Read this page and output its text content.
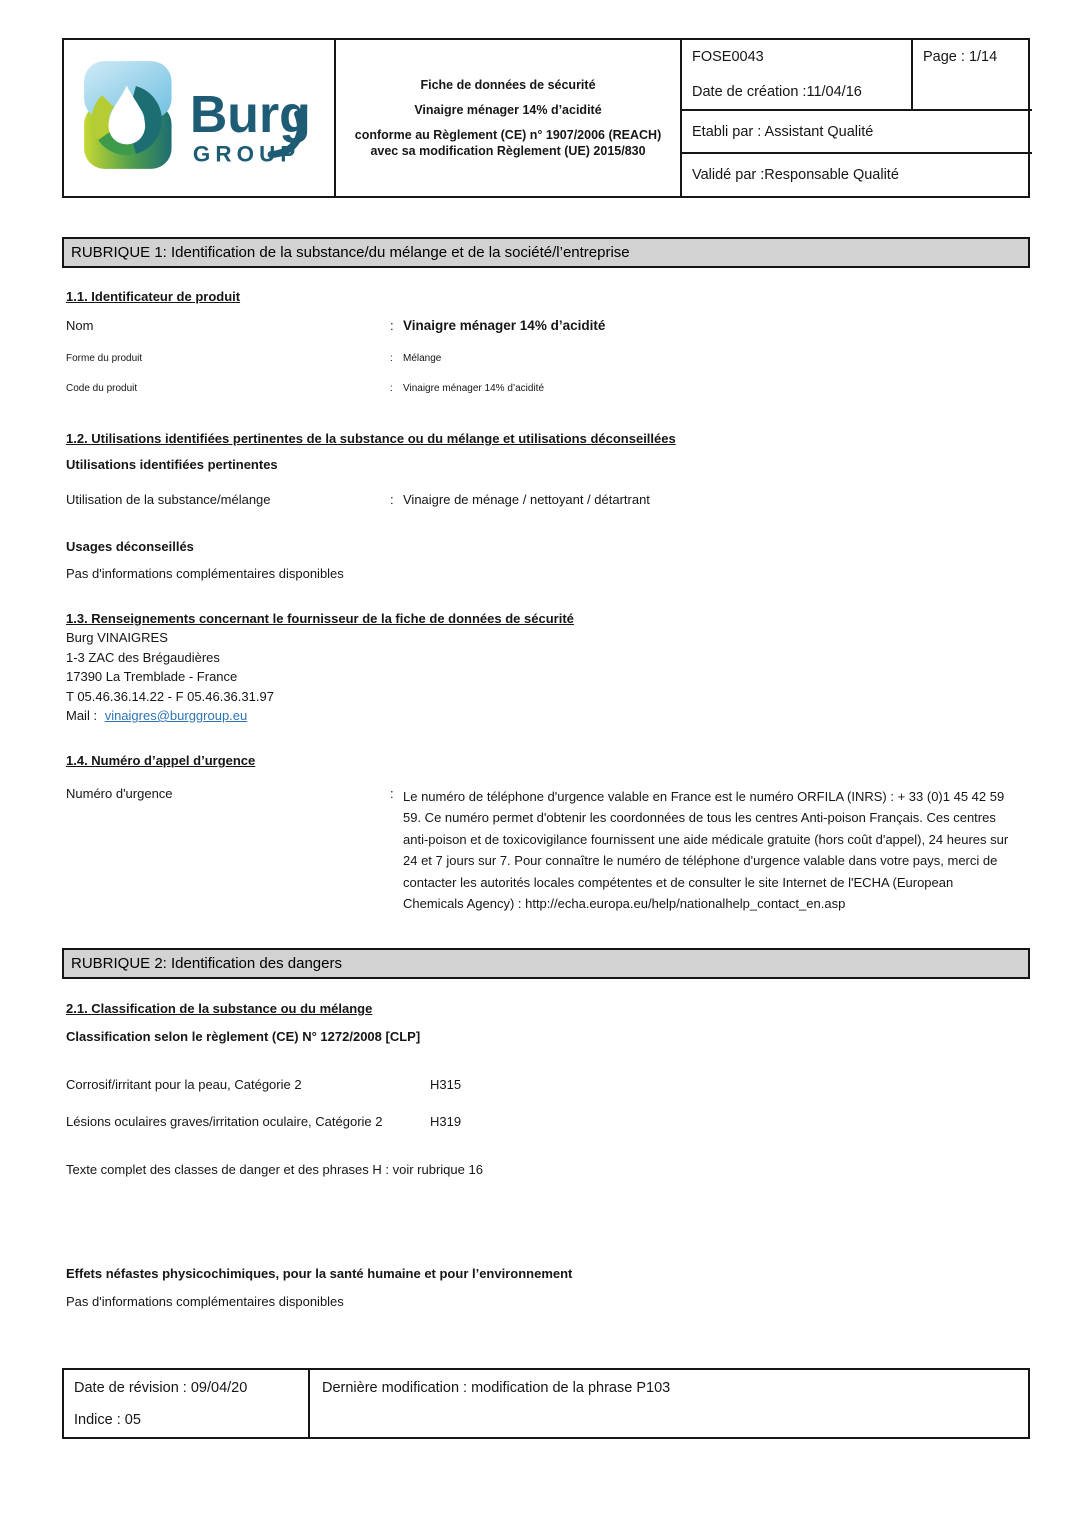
Burg
GROUP
Fiche de données de sécurité
Vinaigre ménager 14% d’acidité
conforme au Règlement (CE) n° 1907/2006 (REACH) avec sa modification Règlement (UE) 2015/830
FOSE0043
Date de création :11/04/16
Page : 1/14
Etabli par : Assistant Qualité
Validé par :Responsable Qualité
RUBRIQUE 1: Identification de la substance/du mélange et de la société/l’entreprise
1.1. Identificateur de produit
Nom	: Vinaigre ménager 14% d’acidité
Forme du produit	: Mélange
Code du produit	: Vinaigre ménager 14% d’acidité
1.2. Utilisations identifiées pertinentes de la substance ou du mélange et utilisations déconseillées
Utilisations identifiées pertinentes
Utilisation de la substance/mélange	: Vinaigre de ménage / nettoyant / détartrant
Usages déconseillés
Pas d'informations complémentaires disponibles
1.3. Renseignements concernant le fournisseur de la fiche de données de sécurité
Burg VINAIGRES
1-3 ZAC des Brégaudières
17390 La Tremblade - France
T 05.46.36.14.22 - F 05.46.36.31.97
Mail : vinaigres@burggroup.eu
1.4. Numéro d’appel d’urgence
Numéro d'urgence	: Le numéro de téléphone d'urgence valable en France est le numéro ORFILA (INRS) : + 33 (0)1 45 42 59 59. Ce numéro permet d'obtenir les coordonnées de tous les centres Anti-poison Français. Ces centres anti-poison et de toxicovigilance fournissent une aide médicale gratuite (hors coût d'appel), 24 heures sur 24 et 7 jours sur 7. Pour connaître le numéro de téléphone d'urgence valable dans votre pays, merci de contacter les autorités locales compétentes et de consulter le site Internet de l'ECHA (European Chemicals Agency) : http://echa.europa.eu/help/nationalhelp_contact_en.asp
RUBRIQUE 2: Identification des dangers
2.1. Classification de la substance ou du mélange
Classification selon le règlement (CE) N° 1272/2008 [CLP]
Corrosif/irritant pour la peau, Catégorie 2	H315
Lésions oculaires graves/irritation oculaire, Catégorie 2	H319
Texte complet des classes de danger et des phrases H : voir rubrique 16
Effets néfastes physicochimiques, pour la santé humaine et pour l’environnement
Pas d'informations complémentaires disponibles
Date de révision : 09/04/20
Indice : 05
Dernière modification : modification de la phrase P103
